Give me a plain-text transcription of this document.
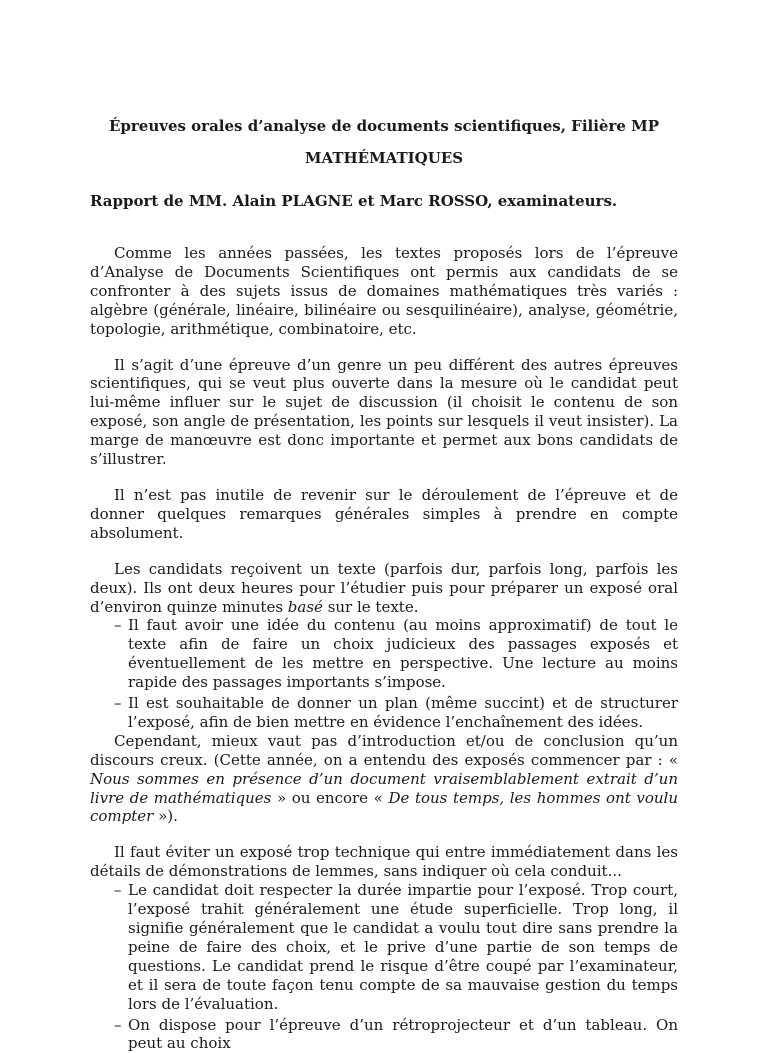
Épreuves orales d’analyse de documents scientifiques, Filière MP
MATHÉMATIQUES
Rapport de MM. Alain PLAGNE et Marc ROSSO, examinateurs.

Comme les années passées, les textes proposés lors de l’épreuve d’Analyse de Documents Scientifiques ont permis aux candidats de se confronter à des sujets issus de domaines mathématiques très variés : algèbre (générale, linéaire, bilinéaire ou sesquilinéaire), analyse, géométrie, topologie, arithmétique, combinatoire, etc.

Il s’agit d’une épreuve d’un genre un peu différent des autres épreuves scientifiques, qui se veut plus ouverte dans la mesure où le candidat peut lui-même influer sur le sujet de discussion (il choisit le contenu de son exposé, son angle de présentation, les points sur lesquels il veut insister). La marge de manœuvre est donc importante et permet aux bons candidats de s’illustrer.

Il n’est pas inutile de revenir sur le déroulement de l’épreuve et de donner quelques remarques générales simples à prendre en compte absolument.

Les candidats reçoivent un texte (parfois dur, parfois long, parfois les deux). Ils ont deux heures pour l’étudier puis pour préparer un exposé oral d’environ quinze minutes basé sur le texte.

– Il faut avoir une idée du contenu (au moins approximatif) de tout le texte afin de faire un choix judicieux des passages exposés et éventuellement de les mettre en perspective. Une lecture au moins rapide des passages importants s’impose.
– Il est souhaitable de donner un plan (même succint) et de structurer l’exposé, afin de bien mettre en évidence l’enchaînement des idées.

Cependant, mieux vaut pas d’introduction et/ou de conclusion qu’un discours creux. (Cette année, on a entendu des exposés commencer par : « Nous sommes en présence d’un document vraisemblablement extrait d’un livre de mathématiques » ou encore « De tous temps, les hommes ont voulu compter »).

Il faut éviter un exposé trop technique qui entre immédiatement dans les détails de démonstrations de lemmes, sans indiquer où cela conduit...

– Le candidat doit respecter la durée impartie pour l’exposé. Trop court, l’exposé trahit généralement une étude superficielle. Trop long, il signifie généralement que le candidat a voulu tout dire sans prendre la peine de faire des choix, et le prive d’une partie de son temps de questions. Le candidat prend le risque d’être coupé par l’examinateur, et il sera de toute façon tenu compte de sa mauvaise gestion du temps lors de l’évaluation.
– On dispose pour l’épreuve d’un rétroprojecteur et d’un tableau. On peut au choix
